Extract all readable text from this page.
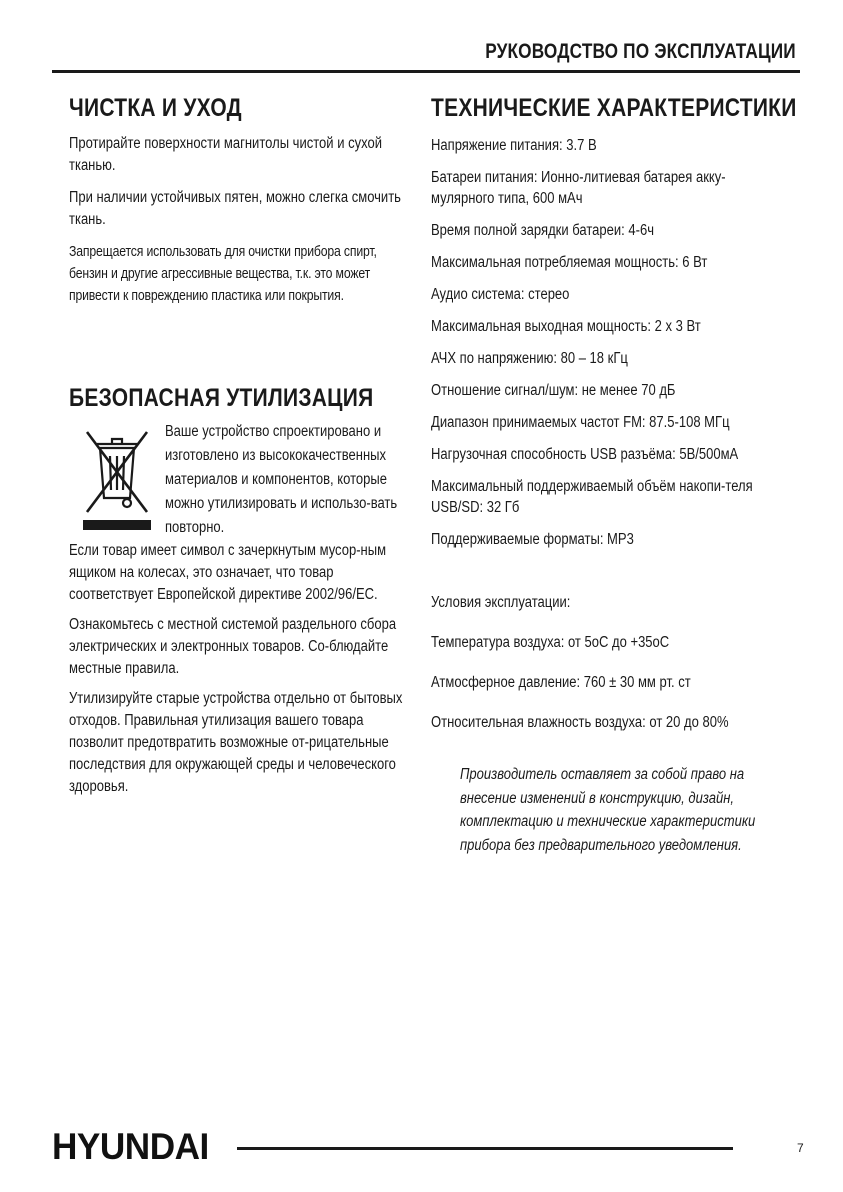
РУКОВОДСТВО ПО ЭКСПЛУАТАЦИИ
ЧИСТКА И УХОД

Протирайте поверхности магнитолы чистой и сухой тканью.

При наличии устойчивых пятен, можно слегка смочить ткань.

Запрещается использовать для очистки прибора спирт, бензин и другие агрессивные вещества, т.к. это может привести к повреждению пластика или покрытия.

БЕЗОПАСНАЯ УТИЛИЗАЦИЯ

Ваше устройство спроектировано и изготовлено из высококачественных материалов и компонентов, которые можно утилизировать и использо-вать повторно.

Если товар имеет символ с зачеркнутым мусор-ным ящиком на колесах, это означает, что товар соответствует Европейской директиве 2002/96/EC.

Ознакомьтесь с местной системой раздельного сбора электрических и электронных товаров. Со-блюдайте местные правила.

Утилизируйте старые устройства отдельно от бытовых отходов. Правильная утилизация вашего товара позволит предотвратить возможные от-рицательные последствия для окружающей среды и человеческого здоровья.

ТЕХНИЧЕСКИЕ ХАРАКТЕРИСТИКИ

Напряжение питания: 3.7 В

Батареи питания: Ионно-литиевая батарея акку-мулярного типа, 600 мАч

Время полной зарядки батареи: 4-6ч

Максимальная потребляемая мощность: 6 Вт

Аудио система: стерео

Максимальная выходная мощность: 2 х 3 Вт

АЧХ по напряжению: 80 – 18 кГц

Отношение сигнал/шум: не менее 70 дБ

Диапазон принимаемых частот FM: 87.5-108 МГц

Нагрузочная способность USB разъёма: 5В/500мА

Максимальный поддерживаемый объём накопи-теля USB/SD: 32 Гб

Поддерживаемые форматы: MP3

Условия эксплуатации:

Температура воздуха: от 5оС до +35оС

Атмосферное давление: 760 ± 30 мм рт. ст

Относительная влажность воздуха: от 20 до 80%

Производитель оставляет за собой право на внесение изменений в конструкцию, дизайн, комплектацию и технические характеристики прибора без предварительного уведомления.

HYUNDAI	7
